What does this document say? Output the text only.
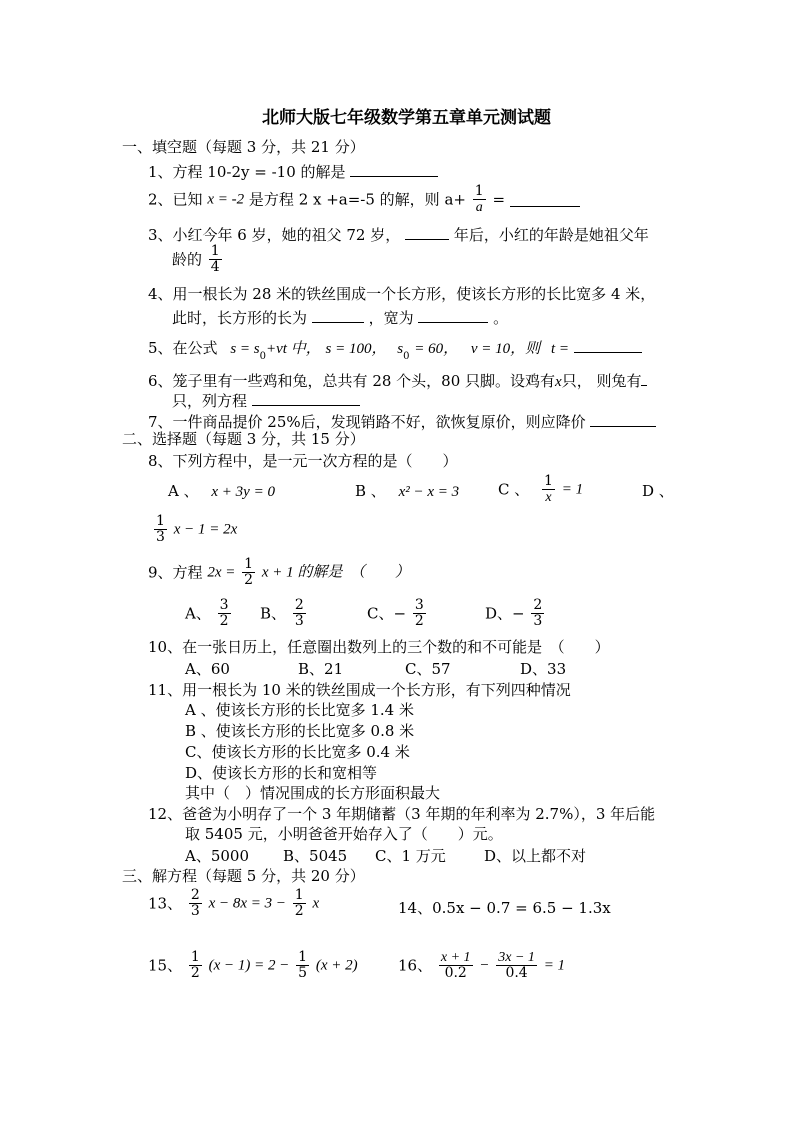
北师大版七年级数学第五章单元测试题
一、填空题（每题 3 分，共 21 分）
1、方程 10-2y = -10 的解是
2、已知 x = -2 是方程 2 x +a=-5 的解，则 $a+ \frac{1}{a}$ =
3、小红今年 6 岁，她的祖父 72 岁，	年后，小红的年龄是她祖父年
龄的 $\frac{1}{4}$
4、用一根长为 28 米的铁丝围成一个长方形，使该长方形的长比宽多 4 米，
此时，长方形的长为	，宽为	。
5、在公式 $s = s_0+vt$ 中， s = 100， $s_0 = 60$， v = 10，则 t =
6、笼子里有一些鸡和兔，总共有 28 个头，80 只脚。设鸡有x只， 则兔有
只，列方程
7、一件商品提价 25%后，发现销路不好，欲恢复原价，则应降价
二、选择题（每题 3 分，共 15 分）
8、下列方程中，是一元一次方程的是（　　）
A 、 x + 3y = 0	B 、 x² − x = 3	C 、 $\frac{1}{x} = 1$	D 、
$\frac{1}{3}$ x − 1 = 2x
9、方程 $2x = \frac{1}{2}$ x + 1 的解是　（　　）
A、 $\frac{3}{2}$ B、 $\frac{2}{3}$	C、− $\frac{3}{2}$	D、− $\frac{2}{3}$
10、在一张日历上，任意圈出数列上的三个数的和不可能是　（　　）
A、60	B、21	C、57	D、33
11、用一根长为 10 米的铁丝围成一个长方形，有下列四种情况
A 、使该长方形的长比宽多 1.4 米
B 、使该长方形的长比宽多 0.8 米
C、使该长方形的长比宽多 0.4 米
D、使该长方形的长和宽相等
其中（　）情况围成的长方形面积最大
12、爸爸为小明存了一个 3 年期储蓄（3 年期的年利率为 2.7%），3 年后能
取 5405 元，小明爸爸开始存入了（　　）元。
A、5000 B、5045 C、1 万元	D、以上都不对
三、解方程（每题 5 分，共 20 分）
13、 $\frac{2}{3}$ $x - 8x = 3 - \frac{1}{2}$ x	14、0.5x − 0.7 = 6.5 − 1.3x
15、 $\frac{1}{2} (x - 1) = 2 - \frac{1}{5} (x + 2)$	16、 $\frac{x + 1}{0.2} - \frac{3x - 1}{0.4} = 1$
